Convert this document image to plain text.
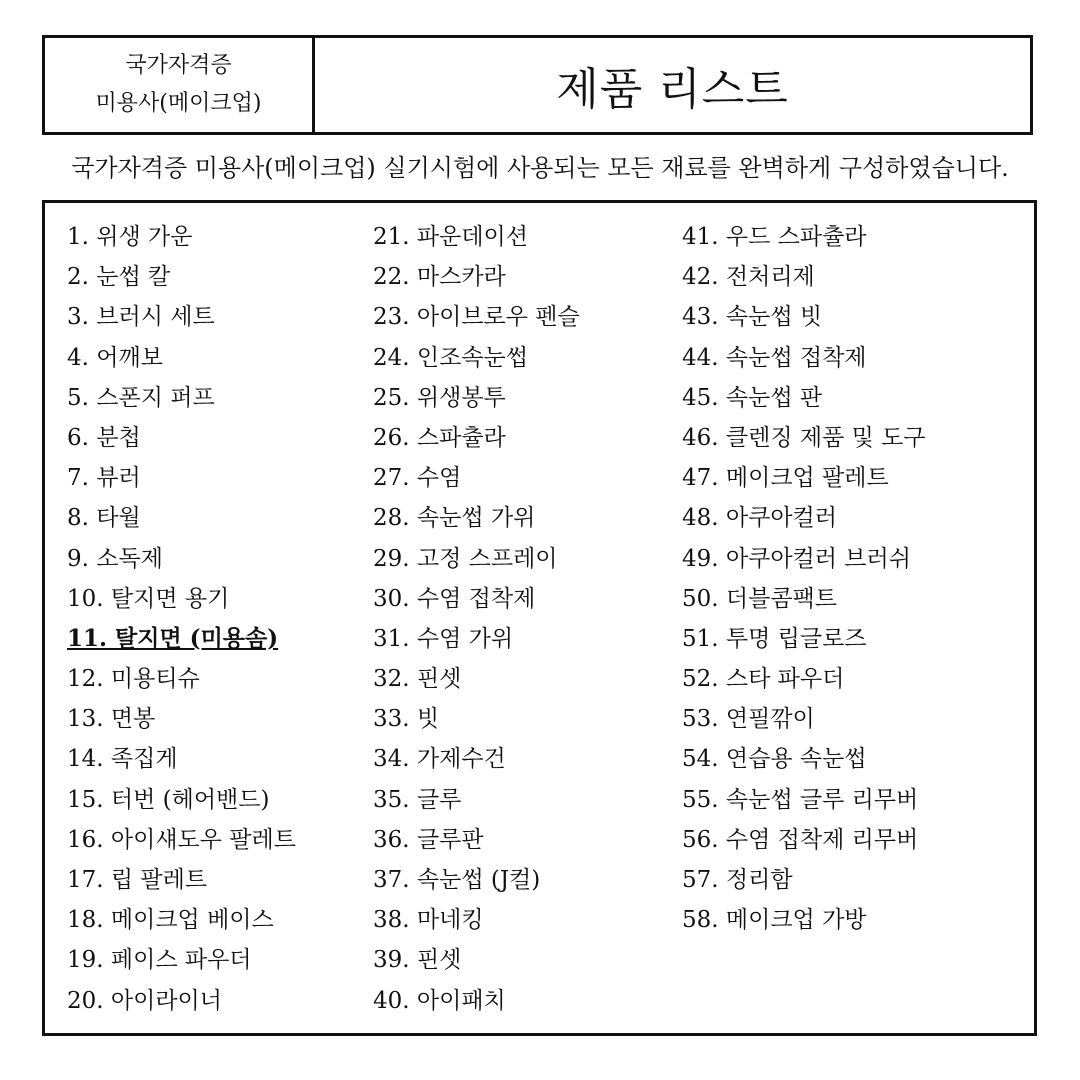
국가자격증
미용사(메이크업)	제품 리스트
국가자격증 미용사(메이크업) 실기시험에 사용되는 모든 재료를 완벽하게 구성하였습니다.
1. 위생 가운
2. 눈썹 칼
3. 브러시 세트
4. 어깨보
5. 스폰지 퍼프
6. 분첩
7. 뷰러
8. 타월
9. 소독제
10. 탈지면 용기
11. 탈지면 (미용솜)
12. 미용티슈
13. 면봉
14. 족집게
15. 터번 (헤어밴드)
16. 아이섀도우 팔레트
17. 립 팔레트
18. 메이크업 베이스
19. 페이스 파우더
20. 아이라이너
21. 파운데이션
22. 마스카라
23. 아이브로우 펜슬
24. 인조속눈썹
25. 위생봉투
26. 스파츌라
27. 수염
28. 속눈썹 가위
29. 고정 스프레이
30. 수염 접착제
31. 수염 가위
32. 핀셋
33. 빗
34. 가제수건
35. 글루
36. 글루판
37. 속눈썹 (J컬)
38. 마네킹
39. 핀셋
40. 아이패치
41. 우드 스파츌라
42. 전처리제
43. 속눈썹 빗
44. 속눈썹 접착제
45. 속눈썹 판
46. 클렌징 제품 및 도구
47. 메이크업 팔레트
48. 아쿠아컬러
49. 아쿠아컬러 브러쉬
50. 더블콤팩트
51. 투명 립글로즈
52. 스타 파우더
53. 연필깎이
54. 연습용 속눈썹
55. 속눈썹 글루 리무버
56. 수염 접착제 리무버
57. 정리함
58. 메이크업 가방
